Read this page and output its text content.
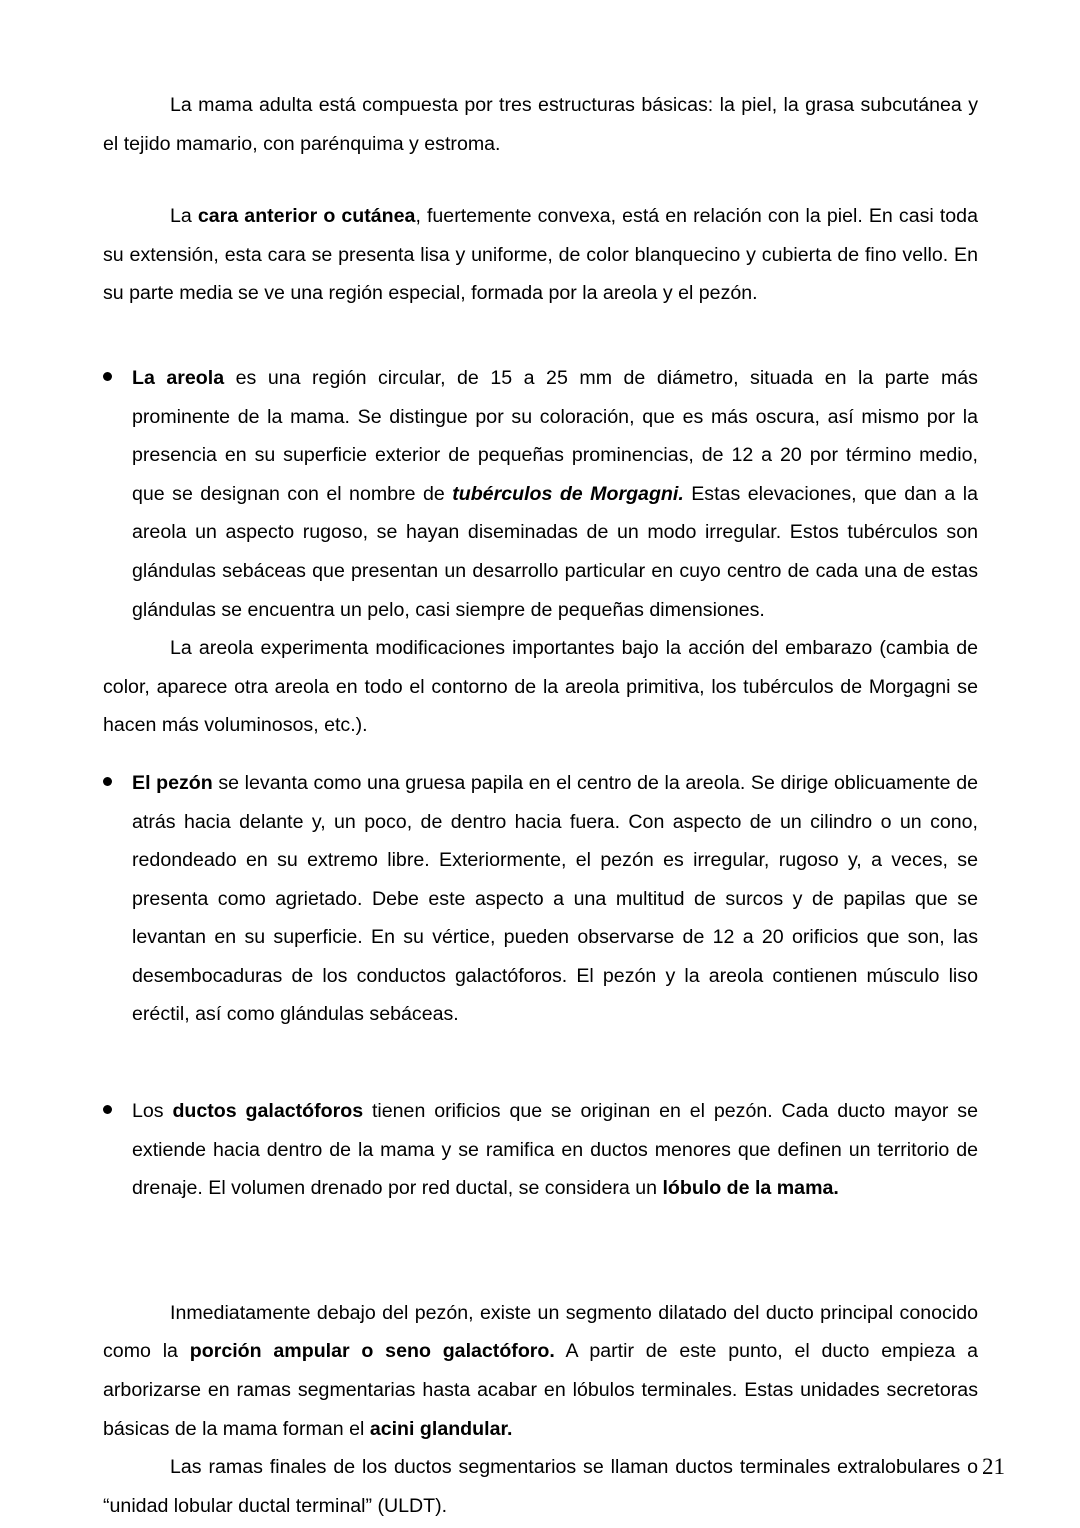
La mama adulta está compuesta por tres estructuras básicas: la piel, la grasa subcutánea y el tejido mamario, con parénquima y estroma.

La cara anterior o cutánea, fuertemente convexa, está en relación con la piel. En casi toda su extensión, esta cara se presenta lisa y uniforme, de color blanquecino y cubierta de fino vello. En su parte media se ve una región especial, formada por la areola y el pezón.

La areola es una región circular, de 15 a 25 mm de diámetro, situada en la parte más prominente de la mama. Se distingue por su coloración, que es más oscura, así mismo por la presencia en su superficie exterior de pequeñas prominencias, de 12 a 20 por término medio, que se designan con el nombre de tubérculos de Morgagni. Estas elevaciones, que dan a la areola un aspecto rugoso, se hayan diseminadas de un modo irregular. Estos tubérculos son glándulas sebáceas que presentan un desarrollo particular en cuyo centro de cada una de estas glándulas se encuentra un pelo, casi siempre de pequeñas dimensiones.

La areola experimenta modificaciones importantes bajo la acción del embarazo (cambia de color, aparece otra areola en todo el contorno de la areola primitiva, los tubérculos de Morgagni se hacen más voluminosos, etc.).

El pezón se levanta como una gruesa papila en el centro de la areola. Se dirige oblicuamente de atrás hacia delante y, un poco, de dentro hacia fuera. Con aspecto de un cilindro o un cono, redondeado en su extremo libre. Exteriormente, el pezón es irregular, rugoso y, a veces, se presenta como agrietado. Debe este aspecto a una multitud de surcos y de papilas que se levantan en su superficie. En su vértice, pueden observarse de 12 a 20 orificios que son, las desembocaduras de los conductos galactóforos. El pezón y la areola contienen músculo liso eréctil, así como glándulas sebáceas.
Los ductos galactóforos tienen orificios que se originan en el pezón. Cada ducto mayor se extiende hacia dentro de la mama y se ramifica en ductos menores que definen un territorio de drenaje. El volumen drenado por red ductal, se considera un lóbulo de la mama.

Inmediatamente debajo del pezón, existe un segmento dilatado del ducto principal conocido como la porción ampular o seno galactóforo. A partir de este punto, el ducto empieza a arborizarse en ramas segmentarias hasta acabar en lóbulos terminales. Estas unidades secretoras básicas de la mama forman el acini glandular.

Las ramas finales de los ductos segmentarios se llaman ductos terminales extralobulares o “unidad lobular ductal terminal” (ULDT).

21
